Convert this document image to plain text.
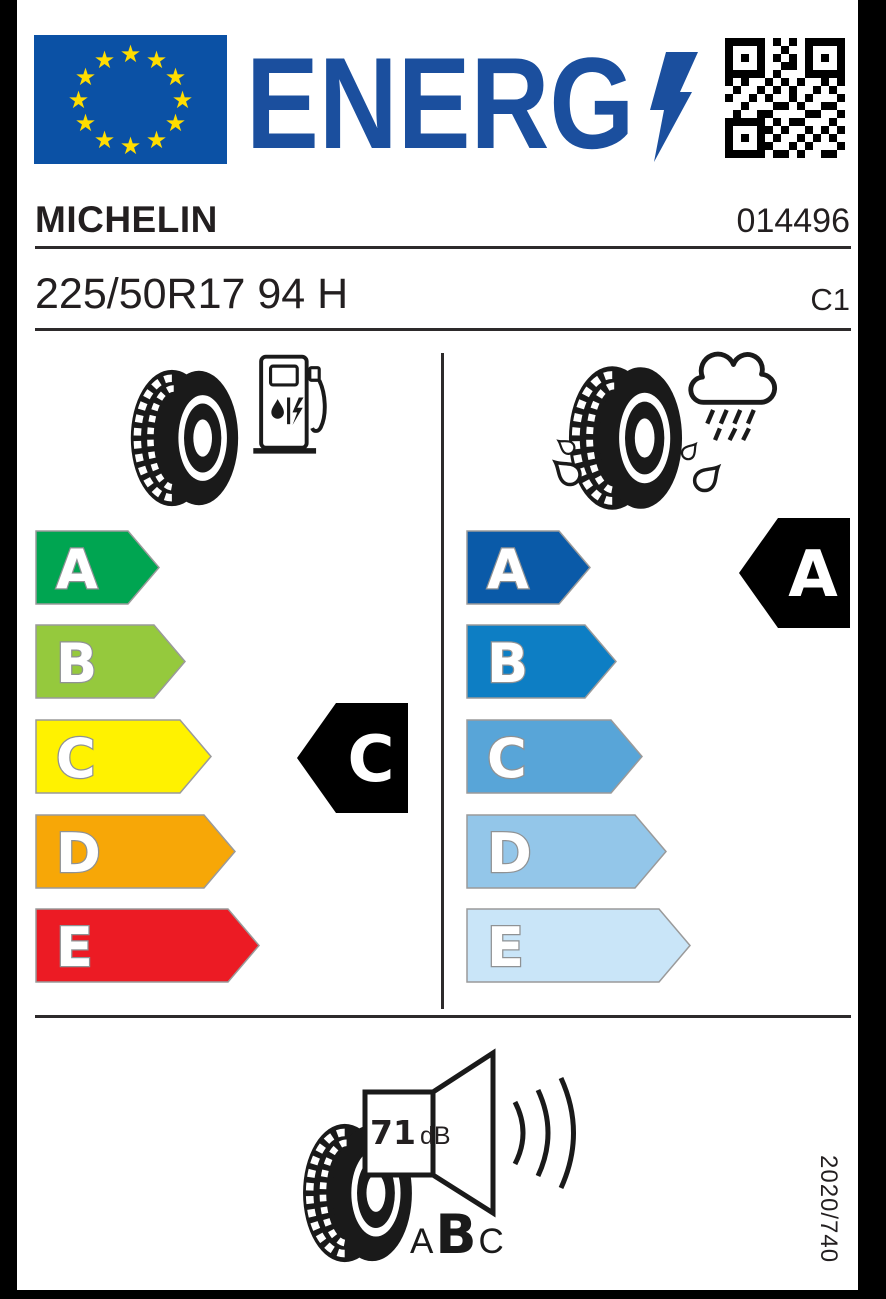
★ ★
★
★
★
★
★
★
★
★
★
★ ENERG
MICHELIN	014496
225/50R17 94 H	C1
A
B
C
D
E
C
A
B
C
D
E
A
71 dB
A B C	2020/740
